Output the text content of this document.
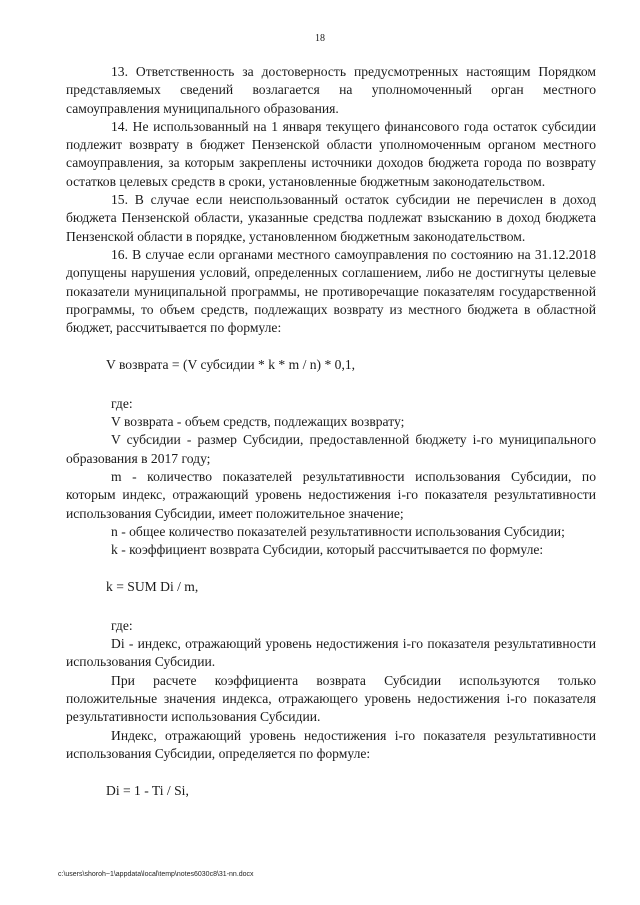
18

13. Ответственность за достоверность предусмотренных настоящим Порядком представляемых сведений возлагается на уполномоченный орган местного самоуправления муниципального образования.

14. Не использованный на 1 января текущего финансового года остаток субсидии подлежит возврату в бюджет Пензенской области уполномоченным органом местного самоуправления, за которым закреплены источники доходов бюджета города по возврату остатков целевых средств в сроки, установленные бюджетным законодательством.

15. В случае если неиспользованный остаток субсидии не перечислен в доход бюджета Пензенской области, указанные средства подлежат взысканию в доход бюджета Пензенской области в порядке, установленном бюджетным законодательством.

16. В случае если органами местного самоуправления по состоянию на 31.12.2018 допущены нарушения условий, определенных соглашением, либо не достигнуты целевые показатели муниципальной программы, не противоречащие показателям государственной программы, то объем средств, подлежащих возврату из местного бюджета в областной бюджет, рассчитывается по формуле:

V возврата = (V субсидии * k * m / n) * 0,1,

где:

V возврата - объем средств, подлежащих возврату;

V субсидии - размер Субсидии, предоставленной бюджету i-го муниципального образования в 2017 году;

m - количество показателей результативности использования Субсидии, по которым индекс, отражающий уровень недостижения i-го показателя результативности использования Субсидии, имеет положительное значение;

n - общее количество показателей результативности использования Субсидии;

k - коэффициент возврата Субсидии, который рассчитывается по формуле:

k = SUM Di / m,

где:

Di - индекс, отражающий уровень недостижения i-го показателя результативности использования Субсидии.

При расчете коэффициента возврата Субсидии используются только положительные значения индекса, отражающего уровень недостижения i-го показателя результативности использования Субсидии.

Индекс, отражающий уровень недостижения i-го показателя результативности использования Субсидии, определяется по формуле:

Di = 1 - Ti / Si,
c:\users\shoroh~1\appdata\local\temp\notes6030c8\31-nn.docx
